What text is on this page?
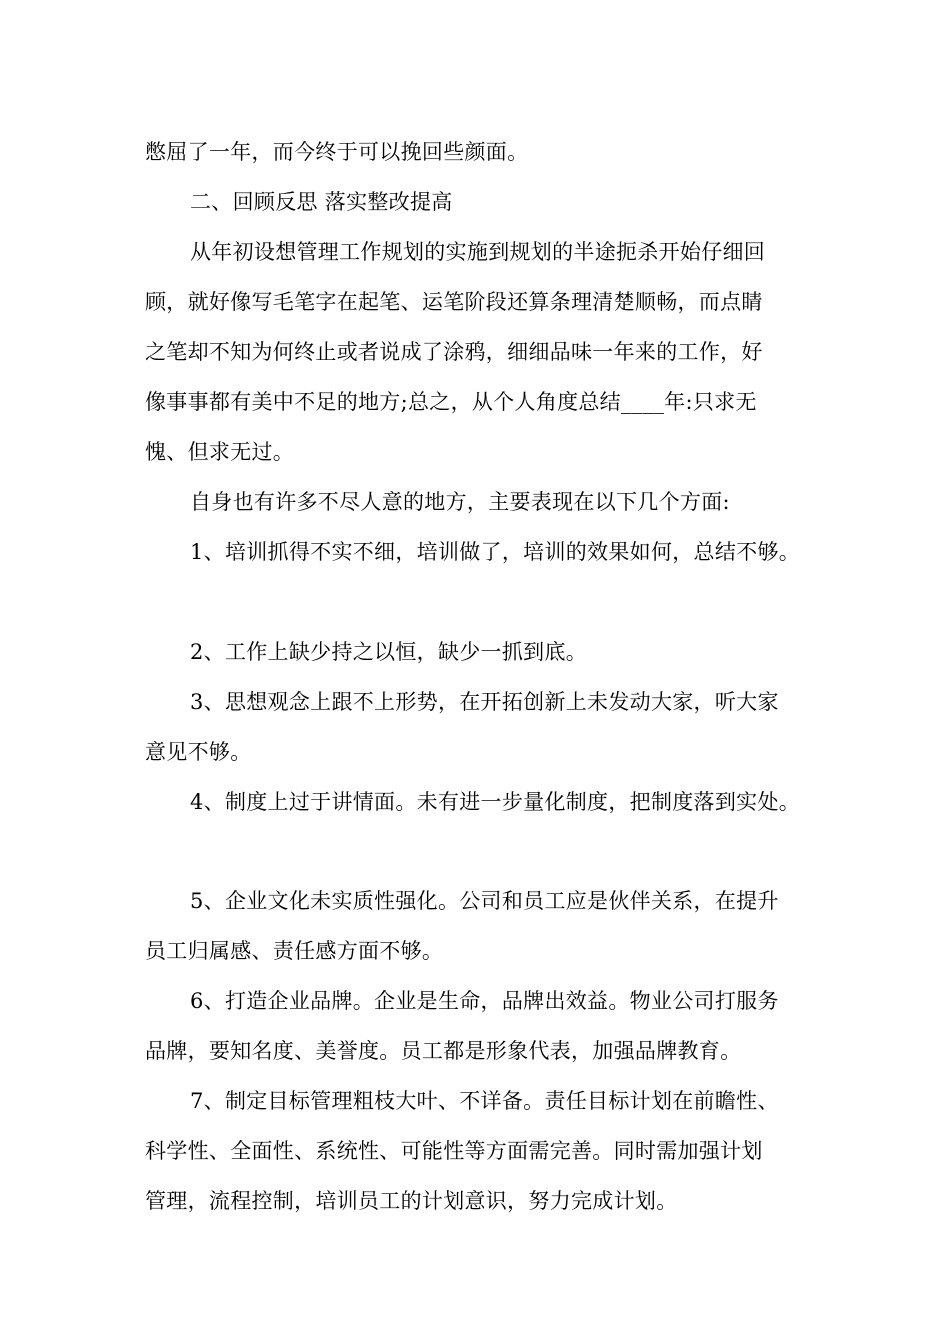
憋屈了一年，而今终于可以挽回些颜面。
二、回顾反思 落实整改提高
从年初设想管理工作规划的实施到规划的半途扼杀开始仔细回
顾，就好像写毛笔字在起笔、运笔阶段还算条理清楚顺畅，而点睛
之笔却不知为何终止或者说成了涂鸦，细细品味一年来的工作，好
像事事都有美中不足的地方;总之，从个人角度总结____年:只求无
愧、但求无过。
自身也有许多不尽人意的地方，主要表现在以下几个方面:
1、培训抓得不实不细，培训做了，培训的效果如何，总结不够。
2、工作上缺少持之以恒，缺少一抓到底。
3、思想观念上跟不上形势，在开拓创新上未发动大家，听大家
意见不够。
4、制度上过于讲情面。未有进一步量化制度，把制度落到实处。
5、企业文化未实质性强化。公司和员工应是伙伴关系，在提升
员工归属感、责任感方面不够。
6、打造企业品牌。企业是生命，品牌出效益。物业公司打服务
品牌，要知名度、美誉度。员工都是形象代表，加强品牌教育。
7、制定目标管理粗枝大叶、不详备。责任目标计划在前瞻性、
科学性、全面性、系统性、可能性等方面需完善。同时需加强计划
管理，流程控制，培训员工的计划意识，努力完成计划。
